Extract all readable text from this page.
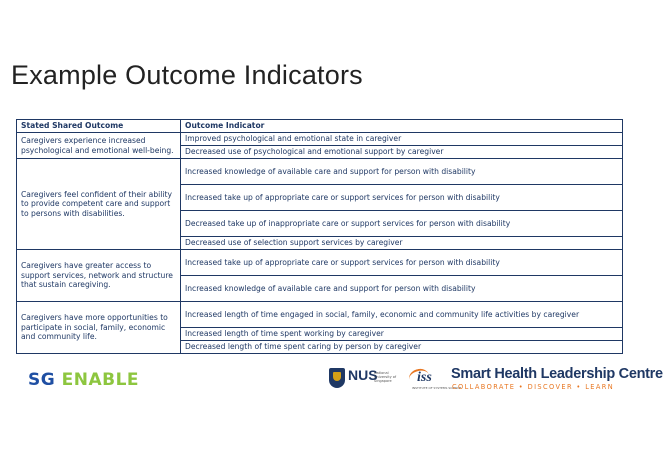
Example Outcome Indicators
Stated Shared Outcome	Outcome Indicator
Caregivers experience increased psychological and emotional well-being.	Improved psychological and emotional state in caregiver
	Decreased use of psychological and emotional support by caregiver
Caregivers feel confident of their ability to provide competent care and support to persons with disabilities.	Increased knowledge of available care and support for person with disability
	Increased take up of appropriate care or support services for person with disability
	Decreased take up of inappropriate care or support services for person with disability
	Decreased use of selection support services by caregiver
Caregivers have greater access to support services, network and structure that sustain caregiving.	Increased take up of appropriate care or support services for person with disability
	Increased knowledge of available care and support for person with disability
Caregivers have more opportunities to participate in social, family, economic and community life.	Increased length of time engaged in social, family, economic and community life activities by caregiver
	Increased length of time spent working by caregiver
	Decreased length of time spent caring by person by caregiver
SG ENABLE	NUS
National University of Singapore	iss
INSTITUTE OF SYSTEMS SCIENCE
Smart Health Leadership Centre
COLLABORATE • DISCOVER • LEARN
